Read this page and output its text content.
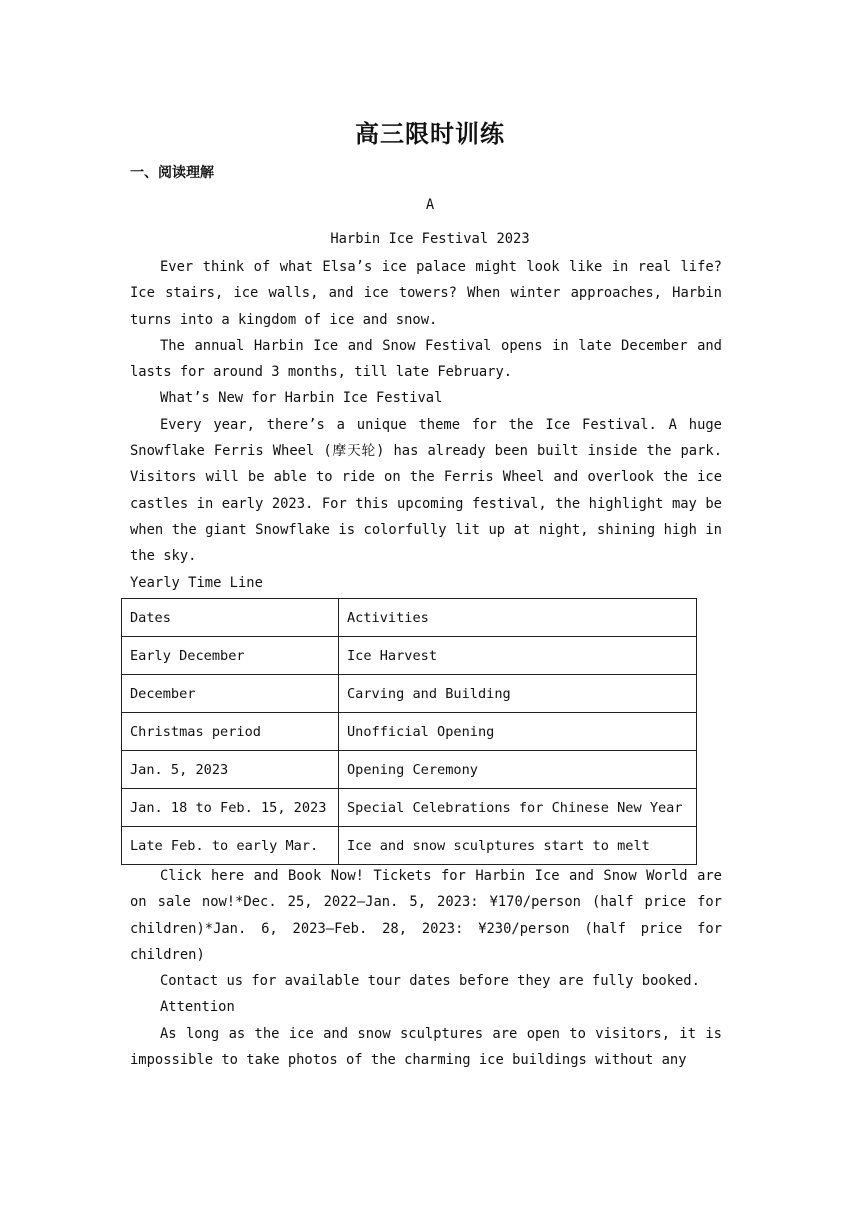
高三限时训练
一、阅读理解
A
Harbin Ice Festival 2023

Ever think of what Elsa’s ice palace might look like in real life? Ice stairs, ice walls, and ice towers? When winter approaches, Harbin turns into a kingdom of ice and snow.

The annual Harbin Ice and Snow Festival opens in late December and lasts for around 3 months, till late February.

What’s New for Harbin Ice Festival

Every year, there’s a unique theme for the Ice Festival. A huge Snowflake Ferris Wheel (摩天轮) has already been built inside the park. Visitors will be able to ride on the Ferris Wheel and overlook the ice castles in early 2023. For this upcoming festival, the highlight may be when the giant Snowflake is colorfully lit up at night, shining high in the sky.

Yearly Time Line

Dates	Activities
Early December	Ice Harvest
December	Carving and Building
Christmas period	Unofficial Opening
Jan. 5, 2023	Opening Ceremony
Jan. 18 to Feb. 15, 2023	Special Celebrations for Chinese New Year
Late Feb. to early Mar.	Ice and snow sculptures start to melt

Click here and Book Now! Tickets for Harbin Ice and Snow World are on sale now!*Dec. 25, 2022—Jan. 5, 2023: ¥170/person (half price for children)*Jan. 6, 2023—Feb. 28, 2023: ¥230/person (half price for children)

Contact us for available tour dates before they are fully booked.

Attention

As long as the ice and snow sculptures are open to visitors, it is impossible to take photos of the charming ice buildings without any
